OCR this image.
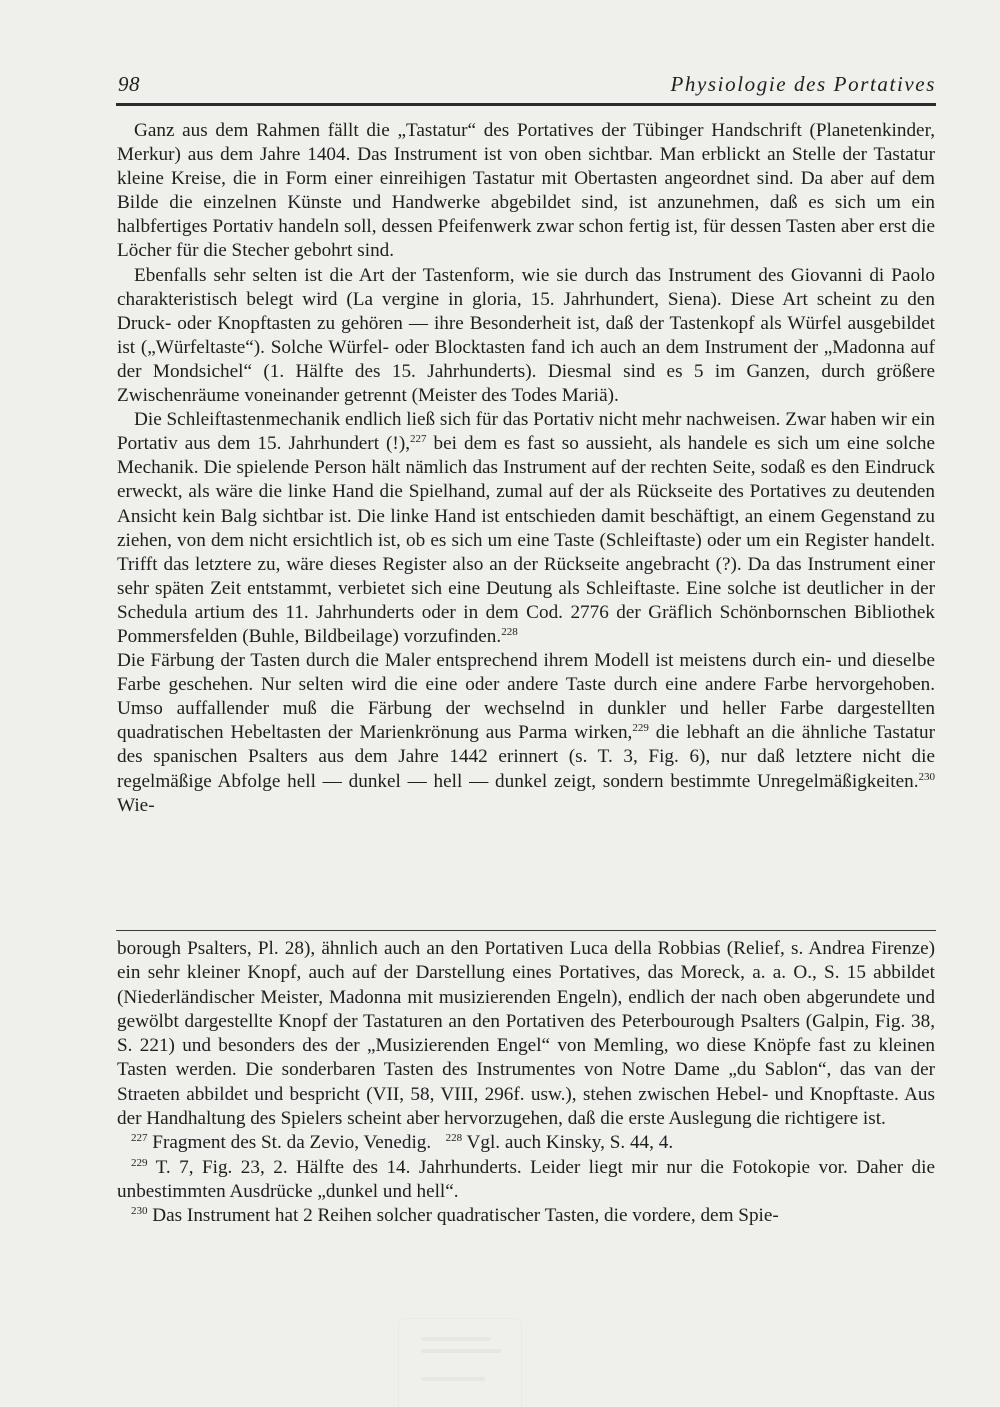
98	Physiologie des Portatives

Ganz aus dem Rahmen fällt die „Tastatur“ des Portatives der Tübinger Handschrift (Planetenkinder, Merkur) aus dem Jahre 1404. Das Instrument ist von oben sichtbar. Man erblickt an Stelle der Tastatur kleine Kreise, die in Form einer einreihigen Tastatur mit Obertasten angeordnet sind. Da aber auf dem Bilde die einzelnen Künste und Handwerke abgebildet sind, ist anzunehmen, daß es sich um ein halbfertiges Portativ handeln soll, dessen Pfeifenwerk zwar schon fertig ist, für dessen Tasten aber erst die Löcher für die Stecher gebohrt sind.

Ebenfalls sehr selten ist die Art der Tastenform, wie sie durch das Instrument des Giovanni di Paolo charakteristisch belegt wird (La vergine in gloria, 15. Jahrhundert, Siena). Diese Art scheint zu den Druck- oder Knopftasten zu gehören — ihre Besonderheit ist, daß der Tastenkopf als Würfel ausgebildet ist („Würfeltaste“). Solche Würfel- oder Blocktasten fand ich auch an dem Instrument der „Madonna auf der Mondsichel“ (1. Hälfte des 15. Jahrhunderts). Diesmal sind es 5 im Ganzen, durch größere Zwischenräume voneinander getrennt (Meister des Todes Mariä).

Die Schleiftastenmechanik endlich ließ sich für das Portativ nicht mehr nachweisen. Zwar haben wir ein Portativ aus dem 15. Jahrhundert (!),$^{227}$ bei dem es fast so aussieht, als handele es sich um eine solche Mechanik. Die spielende Person hält nämlich das Instrument auf der rechten Seite, sodaß es den Eindruck erweckt, als wäre die linke Hand die Spielhand, zumal auf der als Rückseite des Portatives zu deutenden Ansicht kein Balg sichtbar ist. Die linke Hand ist entschieden damit beschäftigt, an einem Gegenstand zu ziehen, von dem nicht ersichtlich ist, ob es sich um eine Taste (Schleiftaste) oder um ein Register handelt. Trifft das letztere zu, wäre dieses Register also an der Rückseite angebracht (?). Da das Instrument einer sehr späten Zeit entstammt, verbietet sich eine Deutung als Schleiftaste. Eine solche ist deutlicher in der Schedula artium des 11. Jahrhunderts oder in dem Cod. 2776 der Gräflich Schönbornschen Bibliothek Pommersfelden (Buhle, Bildbeilage) vorzufinden.$^{228}$

Die Färbung der Tasten durch die Maler entsprechend ihrem Modell ist meistens durch ein- und dieselbe Farbe geschehen. Nur selten wird die eine oder andere Taste durch eine andere Farbe hervorgehoben. Umso auffallender muß die Färbung der wechselnd in dunkler und heller Farbe dargestellten quadratischen Hebeltasten der Marienkrönung aus Parma wirken,$^{229}$ die lebhaft an die ähnliche Tastatur des spanischen Psalters aus dem Jahre 1442 erinnert (s. T. 3, Fig. 6), nur daß letztere nicht die regelmäßige Abfolge hell — dunkel — hell — dunkel zeigt, sondern bestimmte Unregelmäßigkeiten.$^{230}$ Wie-

borough Psalters, Pl. 28), ähnlich auch an den Portativen Luca della Robbias (Relief, s. Andrea Firenze) ein sehr kleiner Knopf, auch auf der Darstellung eines Portatives, das Moreck, a. a. O., S. 15 abbildet (Niederländischer Meister, Madonna mit musizierenden Engeln), endlich der nach oben abgerundete und gewölbt dargestellte Knopf der Tastaturen an den Portativen des Peterbourough Psalters (Galpin, Fig. 38, S. 221) und besonders des der „Musizierenden Engel“ von Memling, wo diese Knöpfe fast zu kleinen Tasten werden. Die sonderbaren Tasten des Instrumentes von Notre Dame „du Sablon“, das van der Straeten abbildet und bespricht (VII, 58, VIII, 296f. usw.), stehen zwischen Hebel- und Knopftaste. Aus der Handhaltung des Spielers scheint aber hervorzugehen, daß die erste Auslegung die richtigere ist.

$^{227}$ Fragment des St. da Zevio, Venedig. $^{228}$ Vgl. auch Kinsky, S. 44, 4.

$^{229}$ T. 7, Fig. 23, 2. Hälfte des 14. Jahrhunderts. Leider liegt mir nur die Fotokopie vor. Daher die unbestimmten Ausdrücke „dunkel und hell“.

$^{230}$ Das Instrument hat 2 Reihen solcher quadratischer Tasten, die vordere, dem Spie-
